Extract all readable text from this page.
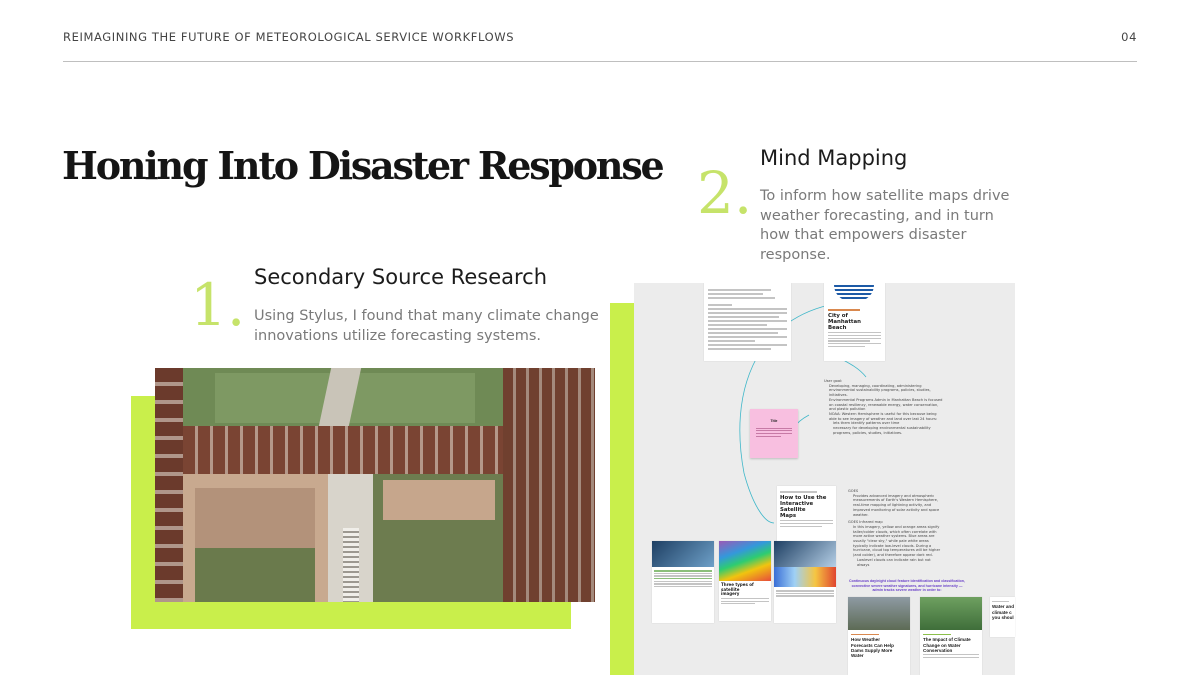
REIMAGINING THE FUTURE OF METEOROLOGICAL SERVICE WORKFLOWS	04
Honing Into Disaster Response
1. Secondary Source Research
Using Stylus, I found that many climate change innovations utilize forecasting systems.
2.
Mind Mapping
To inform how satellite maps drive weather forecasting, and in turn how that empowers disaster response.
City of Manhattan
Beach
User goal:
Developing, managing, coordinating, administering environmental sustainability programs, policies, studies, initiatives.
Environmental Programs Admin in Manhattan Beach is focused on coastal resiliency, renewable energy, water conservation, and plastic pollution
NOAA: Western Hemisphere is useful for this because being able to see imagery of weather and land over last 24 hours:
lets them identify patterns over time
necessary for developing environmental sustainability programs, policies, studies, initiatives.
How to Use the
Interactive Satellite
Maps
GOES
Provides advanced imagery and atmospheric measurements of Earth's Western Hemisphere, real-time mapping of lightning activity, and improved monitoring of solar activity and space weather.
GOES Infrared map
In this imagery, yellow and orange areas signify taller/colder clouds, which often correlate with more active weather systems. Blue areas are usually "clear sky," while pale white areas typically indicate low-level clouds. During a hurricane, cloud top temperatures will be higher (and colder), and therefore appear dark red.
Lowlevel clouds can indicate rain but not always
Three types of satellite
imagery
Continuous day/night cloud feature identification and classification, convective severe weather signatures, and hurricane intensity — admin tracks severe weather in order to:
Title
How Weather
Forecasts Can Help
Dams Supply More
Water
The Impact of Climate
Change on Water
Conservation
Water and
climate c
you shoul
